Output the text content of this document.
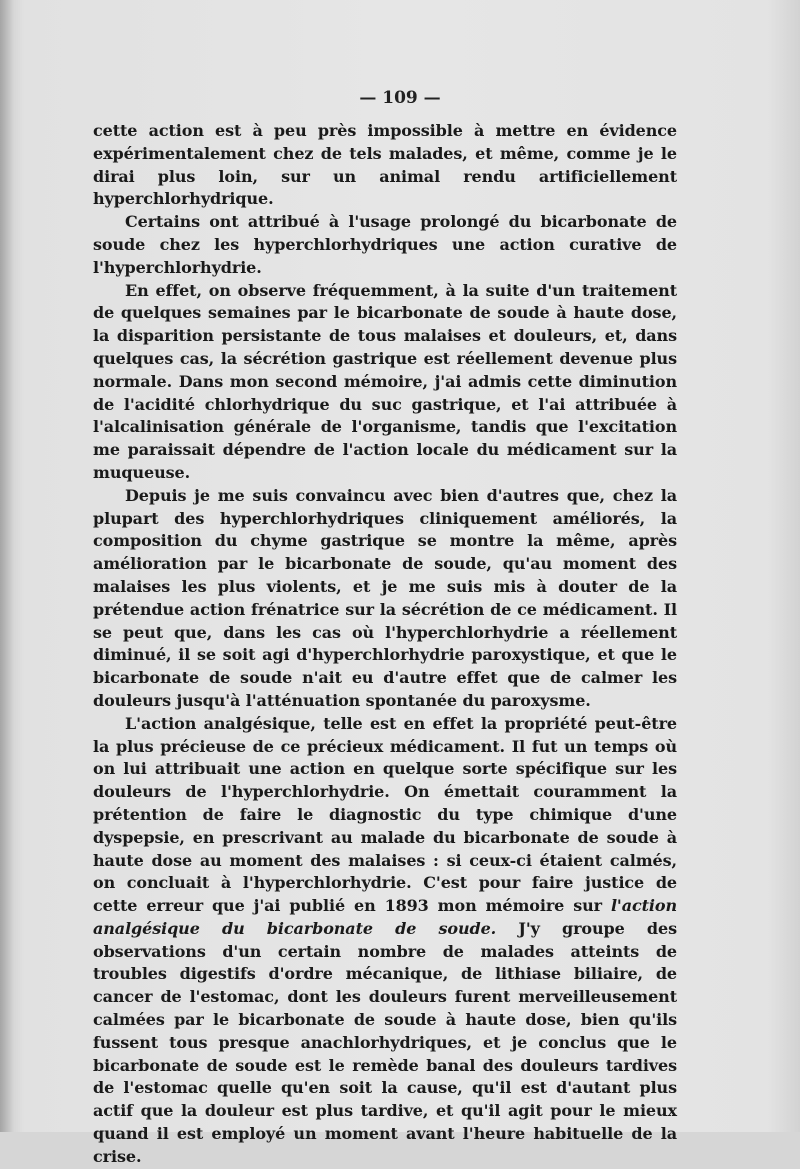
— 109 —

cette action est à peu près impossible à mettre en évidence expérimentalement chez de tels malades, et même, comme je le dirai plus loin, sur un animal rendu artificiellement hyperchlorhydrique.

Certains ont attribué à l'usage prolongé du bicarbonate de soude chez les hyperchlorhydriques une action curative de l'hyperchlorhydrie.

En effet, on observe fréquemment, à la suite d'un traitement de quelques semaines par le bicarbonate de soude à haute dose, la disparition persistante de tous malaises et douleurs, et, dans quelques cas, la sécrétion gastrique est réellement devenue plus normale. Dans mon second mémoire, j'ai admis cette diminution de l'acidité chlorhydrique du suc gastrique, et l'ai attribuée à l'alcalinisation générale de l'organisme, tandis que l'excitation me paraissait dépendre de l'action locale du médicament sur la muqueuse.

Depuis je me suis convaincu avec bien d'autres que, chez la plupart des hyperchlorhydriques cliniquement améliorés, la composition du chyme gastrique se montre la même, après amélioration par le bicarbonate de soude, qu'au moment des malaises les plus violents, et je me suis mis à douter de la prétendue action frénatrice sur la sécrétion de ce médicament. Il se peut que, dans les cas où l'hyperchlorhydrie a réellement diminué, il se soit agi d'hyperchlorhydrie paroxystique, et que le bicarbonate de soude n'ait eu d'autre effet que de calmer les douleurs jusqu'à l'atténuation spontanée du paroxysme.

L'action analgésique, telle est en effet la propriété peut-être la plus précieuse de ce précieux médicament. Il fut un temps où on lui attribuait une action en quelque sorte spécifique sur les douleurs de l'hyperchlorhydrie. On émettait couramment la prétention de faire le diagnostic du type chimique d'une dyspepsie, en prescrivant au malade du bicarbonate de soude à haute dose au moment des malaises : si ceux-ci étaient calmés, on concluait à l'hyperchlorhydrie. C'est pour faire justice de cette erreur que j'ai publié en 1893 mon mémoire sur l'action analgésique du bicarbonate de soude. J'y groupe des observations d'un certain nombre de malades atteints de troubles digestifs d'ordre mécanique, de lithiase biliaire, de cancer de l'estomac, dont les douleurs furent merveilleusement calmées par le bicarbonate de soude à haute dose, bien qu'ils fussent tous presque anachlorhydriques, et je conclus que le bicarbonate de soude est le remède banal des douleurs tardives de l'estomac quelle qu'en soit la cause, qu'il est d'autant plus actif que la douleur est plus tardive, et qu'il agit pour le mieux quand il est employé un moment avant l'heure habituelle de la crise.
